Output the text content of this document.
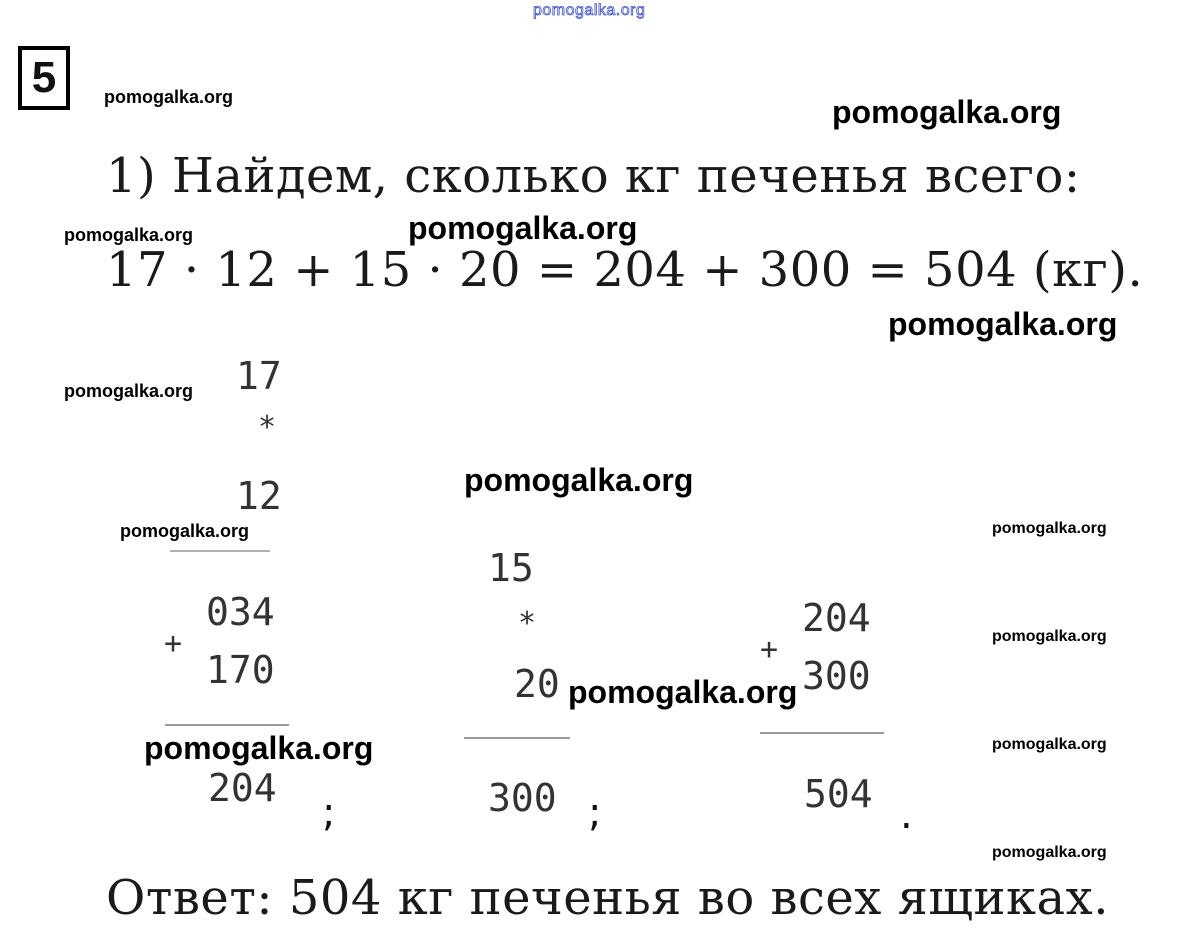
pomogalka.org
5	pomogalka.org	pomogalka.org
1) Найдем, сколько кг печенья всего:
pomogalka.org	pomogalka.org
17 · 12 + 15 · 20 = 204 + 300 = 504 (кг).
pomogalka.org
pomogalka.org 17
*
12	pomogalka.org
pomogalka.org	pomogalka.org
+
034
170
pomogalka.org
204
;
15
*
20 pomogalka.org
300 ;
204
+
300
504 .
pomogalka.org
pomogalka.org
pomogalka.org
Ответ: 504 кг печенья во всех ящиках.
